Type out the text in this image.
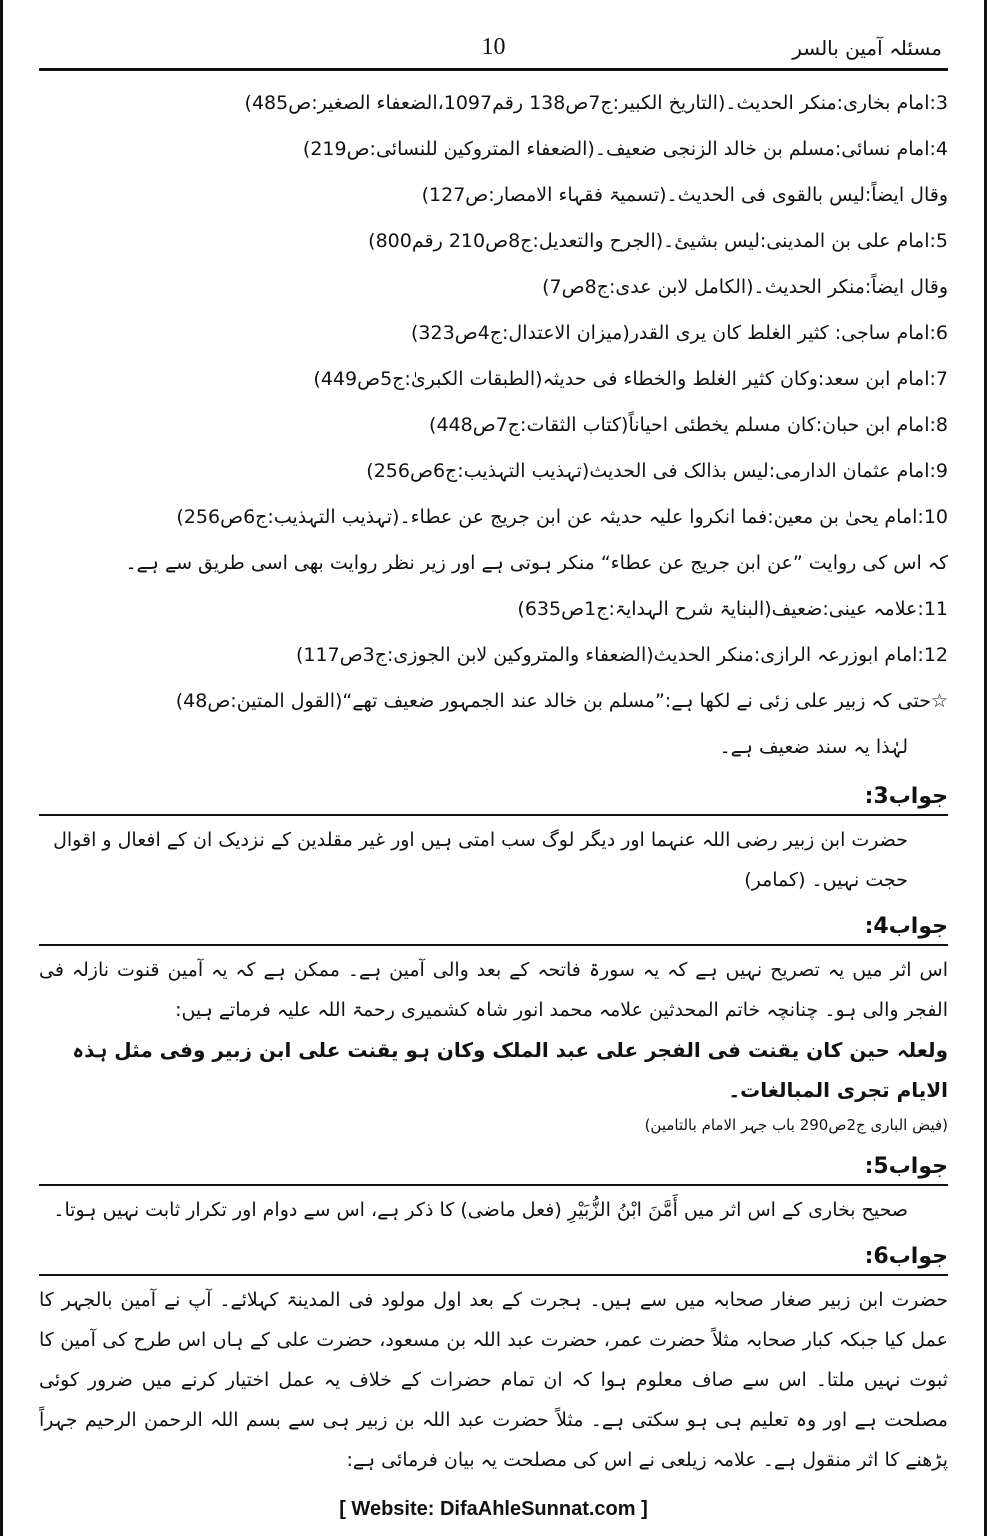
مسئلہ آمین بالسر
10
3:امام بخاری:منکر الحدیث۔(التاریخ الکبیر:ج7ص138 رقم1097،الضعفاء الصغیر:ص485)
4:امام نسائی:مسلم بن خالد الزنجی ضعیف۔(الضعفاء المتروکین للنسائی:ص219)
وقال ایضاً:لیس بالقوی فی الحدیث۔(تسمیۃ فقہاء الامصار:ص127)
5:امام علی بن المدینی:لیس بشیئ۔(الجرح والتعدیل:ج8ص210 رقم800)
وقال ایضاً:منکر الحدیث۔(الکامل لابن عدی:ج8ص7)
6:امام ساجی: کثیر الغلط کان یری القدر(میزان الاعتدال:ج4ص323)
7:امام ابن سعد:وکان کثیر الغلط والخطاء فی حدیثہ(الطبقات الکبریٰ:ج5ص449)
8:امام ابن حبان:کان مسلم یخطئی احیاناً(کتاب الثقات:ج7ص448)
9:امام عثمان الدارمی:لیس بذالک فی الحدیث(تہذیب التہذیب:ج6ص256)
10:امام یحیٰ بن معین:فما انکروا علیہ حدیثہ عن ابن جریج عن عطاء۔(تہذیب التہذیب:ج6ص256)
کہ اس کی روایت ”عن ابن جریج عن عطاء“ منکر ہوتی ہے اور زیر نظر روایت بھی اسی طریق سے ہے۔
11:علامہ عینی:ضعیف(البنایۃ شرح الہدایۃ:ج1ص635)
12:امام ابوزرعہ الرازی:منکر الحدیث(الضعفاء والمتروکین لابن الجوزی:ج3ص117)
☆حتی کہ زبیر علی زئی نے لکھا ہے:”مسلم بن خالد عند الجمہور ضعیف تھے“(القول المتین:ص48)
لہٰذا یہ سند ضعیف ہے۔
جواب3:
حضرت ابن زبیر رضی اللہ عنہما اور دیگر لوگ سب امتی ہیں اور غیر مقلدین کے نزدیک ان کے افعال و اقوال حجت نہیں۔ (کمامر)
جواب4:
اس اثر میں یہ تصریح نہیں ہے کہ یہ سورۃ فاتحہ کے بعد والی آمین ہے۔ ممکن ہے کہ یہ آمین قنوت نازلہ فی الفجر والی ہو۔ چنانچہ خاتم المحدثین علامہ محمد انور شاہ کشمیری رحمۃ اللہ علیہ فرماتے ہیں:
ولعلہ حین کان یقنت فی الفجر علی عبد الملک وکان ہو یقنت علی ابن زبیر وفی مثل ہذہ الایام تجری المبالغات۔
(فیض الباری ج2ص290 باب جہر الامام بالتامین)
جواب5:
صحیح بخاری کے اس اثر میں أَمَّنَ ابْنُ الزُّبَیْرِ (فعل ماضی) کا ذکر ہے، اس سے دوام اور تکرار ثابت نہیں ہوتا۔
جواب6:
حضرت ابن زبیر صغار صحابہ میں سے ہیں۔ ہجرت کے بعد اول مولود فی المدینۃ کہلائے۔ آپ نے آمین بالجہر کا عمل کیا جبکہ کبار صحابہ مثلاً حضرت عمر، حضرت عبد اللہ بن مسعود، حضرت علی کے ہاں اس طرح کی آمین کا ثبوت نہیں ملتا۔ اس سے صاف معلوم ہوا کہ ان تمام حضرات کے خلاف یہ عمل اختیار کرنے میں ضرور کوئی مصلحت ہے اور وہ تعلیم ہی ہو سکتی ہے۔ مثلاً حضرت عبد اللہ بن زبیر ہی سے بسم اللہ الرحمن الرحیم جہراً پڑھنے کا اثر منقول ہے۔ علامہ زیلعی نے اس کی مصلحت یہ بیان فرمائی ہے:
[ Website: DifaAhleSunnat.com ]
